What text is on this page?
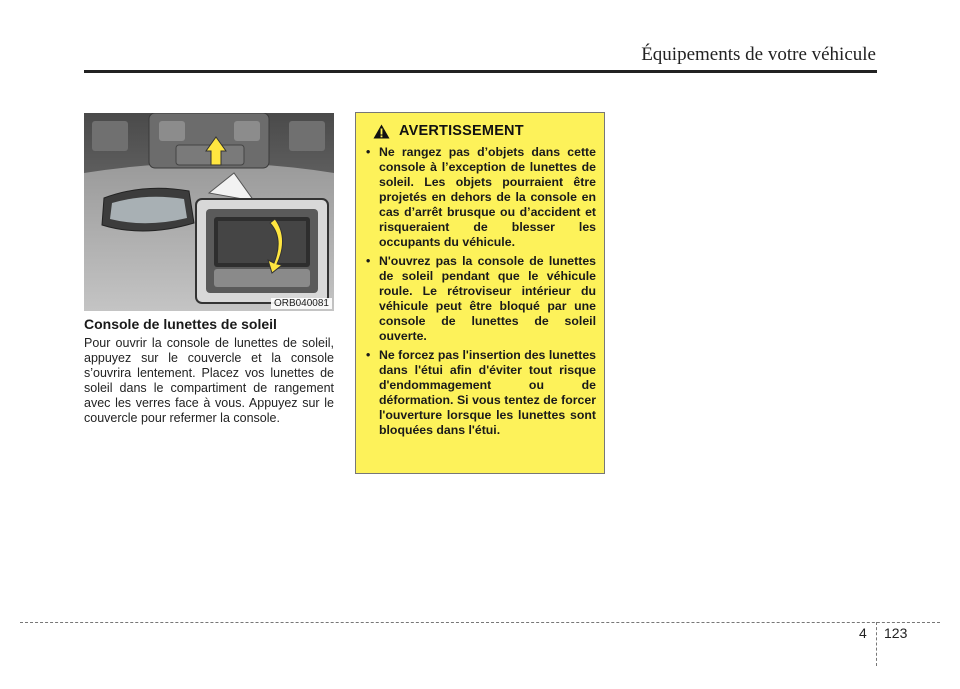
Équipements de votre véhicule
ORB040081
Console de lunettes de soleil
Pour ouvrir la console de lunettes de soleil, appuyez sur le couvercle et la console s’ouvrira lentement. Placez vos lunettes de soleil dans le compartiment de rangement avec les verres face à vous. Appuyez sur le couvercle pour refermer la console.
AVERTISSEMENT
• Ne rangez pas d’objets dans cette console à l’exception de lunettes de soleil. Les objets pourraient être projetés en dehors de la console en cas d’arrêt brusque ou d’accident et risqueraient de blesser les occupants du véhicule.
• N'ouvrez pas la console de lunettes de soleil pendant que le véhicule roule. Le rétroviseur intérieur du véhicule peut être bloqué par une console de lunettes de soleil ouverte.
• Ne forcez pas l'insertion des lunettes dans l'étui afin d'éviter tout risque d'endommagement ou de déformation. Si vous tentez de forcer l'ouverture lorsque les lunettes sont bloquées dans l'étui.
4 123
